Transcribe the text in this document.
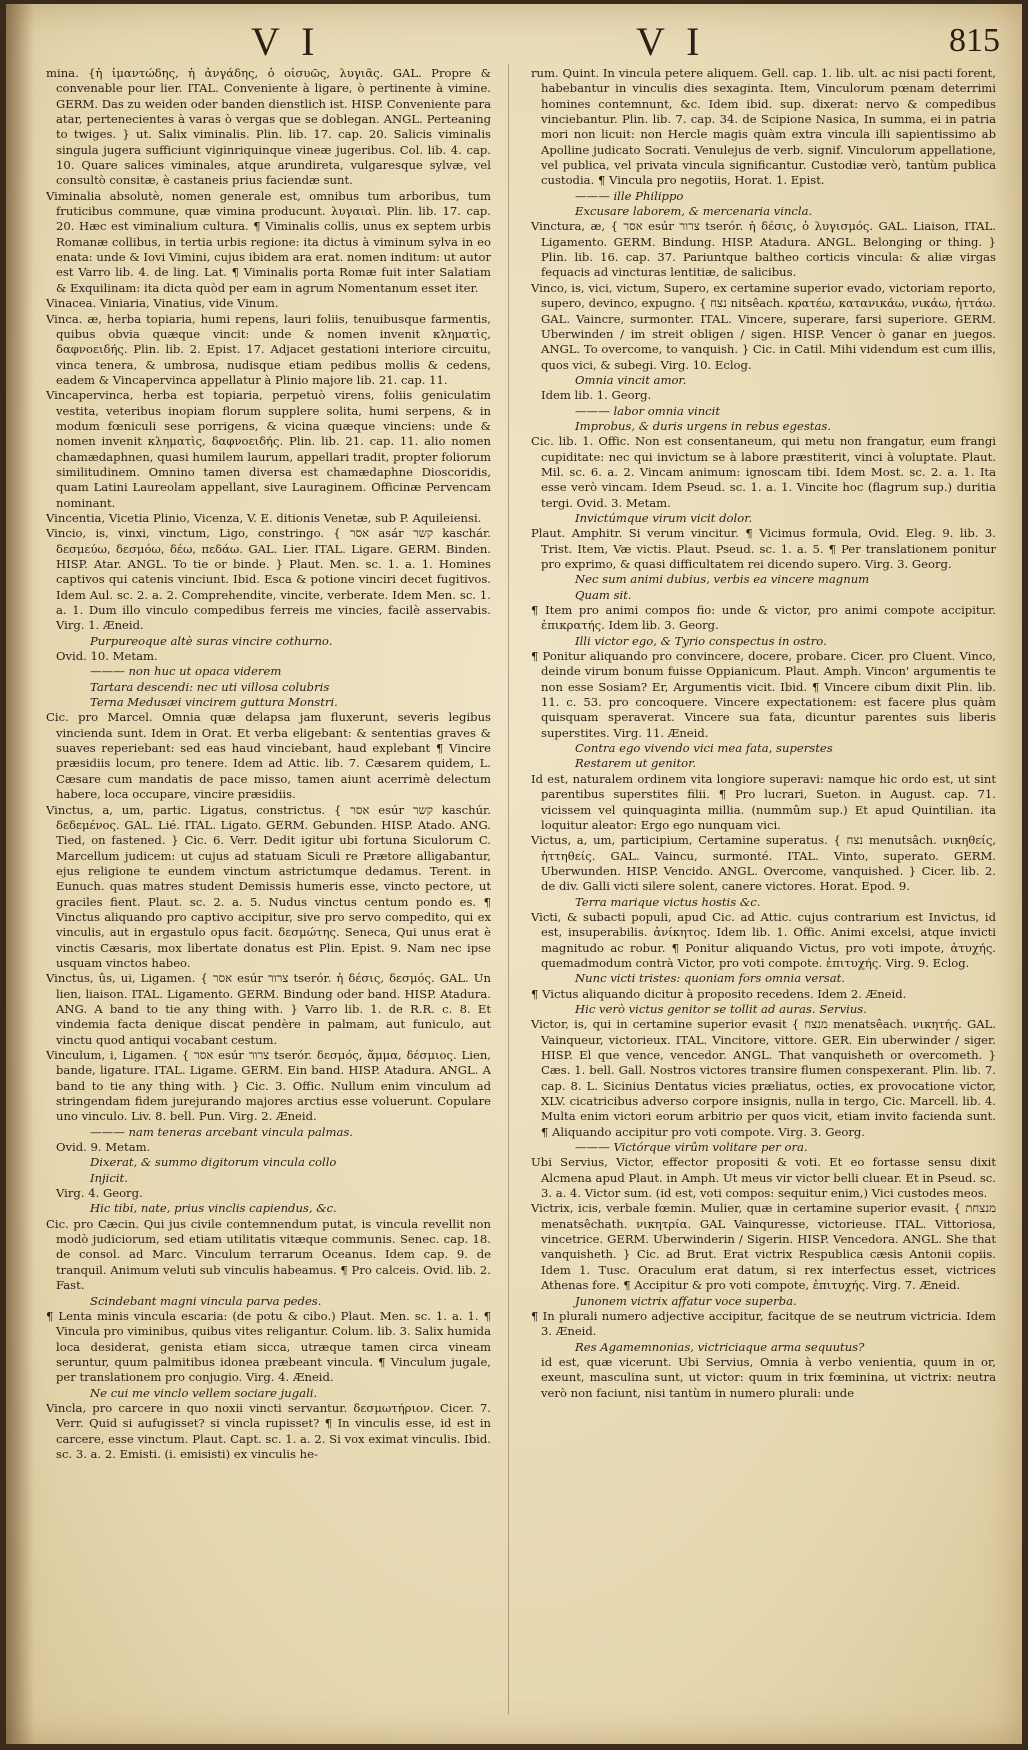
V I	V I	815

mina. {ἡ ἱμαντώδης, ἡ ἀνγάδης, ὁ οἰσυῶς, λυγιᾶς. GAL. Propre & convenable pour lier. ITAL. Conveniente à ligare, ò pertinente à vimine. GERM. Das zu weiden oder banden dienstlich ist. HISP. Conveniente para atar, pertenecientes à varas ò vergas que se doblegan. ANGL. Perteaning to twiges. } ut. Salix viminalis. Plin. lib. 17. cap. 20. Salicis viminalis singula jugera sufficiunt viginriquinque vineæ jugeribus. Col. lib. 4. cap. 10. Quare salices viminales, atque arundireta, vulgaresque sylvæ, vel consultò consitæ, è castaneis prius faciendæ sunt.

Viminalia absolutè, nomen generale est, omnibus tum arboribus, tum fruticibus commune, quæ vimina producunt. λυγαιαὶ. Plin. lib. 17. cap. 20. Hæc est viminalium cultura. ¶ Viminalis collis, unus ex septem urbis Romanæ collibus, in tertia urbis regione: ita dictus à viminum sylva in eo enata: unde & Iovi Vimini, cujus ibidem ara erat. nomen inditum: ut autor est Varro lib. 4. de ling. Lat. ¶ Viminalis porta Romæ fuit inter Salatiam & Exquilinam: ita dicta quòd per eam in agrum Nomentanum esset iter.

Vinacea. Viniaria, Vinatius, vide Vinum.

Vinca. æ, herba topiaria, humi repens, lauri foliis, tenuibusque farmentis, quibus obvia quæque vincit: unde & nomen invenit κληματὶς, δαφνοειδής. Plin. lib. 2. Epist. 17. Adjacet gestationi interiore circuitu, vinca tenera, & umbrosa, nudisque etiam pedibus mollis & cedens, eadem & Vincapervinca appellatur à Plinio majore lib. 21. cap. 11.

Vincapervinca, herba est topiaria, perpetuò virens, foliis geniculatim vestita, veteribus inopiam florum supplere solita, humi serpens, & in modum fœniculi sese porrigens, & vicina quæque vinciens: unde & nomen invenit κληματὶς, δαφνοειδής. Plin. lib. 21. cap. 11. alio nomen chamædaphnen, quasi humilem laurum, appellari tradit, propter foliorum similitudinem. Omnino tamen diversa est chamædaphne Dioscoridis, quam Latini Laureolam appellant, sive Lauraginem. Officinæ Pervencam nominant.

Vincentia, Vicetia Plinio, Vicenza, V. E. ditionis Venetæ, sub P. Aquileiensi.

Vincio, is, vinxi, vinctum, Ligo, constringo. { אסר asár קשר kaschár. δεσμεύω, δεσμόω, δέω, πεδάω. GAL. Lier. ITAL. Ligare. GERM. Binden. HISP. Atar. ANGL. To tie or binde. } Plaut. Men. sc. 1. a. 1. Homines captivos qui catenis vinciunt. Ibid. Esca & potione vinciri decet fugitivos. Idem Aul. sc. 2. a. 2. Comprehendite, vincite, verberate. Idem Men. sc. 1. a. 1. Dum illo vinculo compedibus ferreis me vincies, facilè asservabis. Virg. 1. Æneid.

Purpureoque altè suras vincire cothurno.

Ovid. 10. Metam.

——— non huc ut opaca viderem

Tartara descendi: nec uti villosa colubris

Terna Medusæi vincirem guttura Monstri.

Cic. pro Marcel. Omnia quæ delapsa jam fluxerunt, severis legibus vincienda sunt. Idem in Orat. Et verba eligebant: & sententias graves & suaves reperiebant: sed eas haud vinciebant, haud explebant ¶ Vincire præsidiis locum, pro tenere. Idem ad Attic. lib. 7. Cæsarem quidem, L. Cæsare cum mandatis de pace misso, tamen aiunt acerrimè delectum habere, loca occupare, vincire præsidiis.

Vinctus, a, um, partic. Ligatus, constrictus. { אסר esúr קשר kaschúr. δεδεμένος. GAL. Lié. ITAL. Ligato. GERM. Gebunden. HISP. Atado. ANG. Tied, on fastened. } Cic. 6. Verr. Dedit igitur ubi fortuna Siculorum C. Marcellum judicem: ut cujus ad statuam Siculi re Prætore alligabantur, ejus religione te eundem vinctum astrictumque dedamus. Terent. in Eunuch. quas matres student Demissis humeris esse, vincto pectore, ut graciles fient. Plaut. sc. 2. a. 5. Nudus vinctus centum pondo es. ¶ Vinctus aliquando pro captivo accipitur, sive pro servo compedito, qui ex vinculis, aut in ergastulo opus facit. δεσμώτης. Seneca, Qui unus erat è vinctis Cæsaris, mox libertate donatus est Plin. Epist. 9. Nam nec ipse usquam vinctos habeo.

Vinctus, ûs, ui, Ligamen. { אסר esúr צרור tserór. ἡ δέσις, δεσμός. GAL. Un lien, liaison. ITAL. Ligamento. GERM. Bindung oder band. HISP. Atadura. ANG. A band to tie any thing with. } Varro lib. 1. de R.R. c. 8. Et vindemia facta denique discat pendère in palmam, aut funiculo, aut vinctu quod antiqui vocabant cestum.

Vinculum, i, Ligamen. { אסר esúr צרור tserór. δεσμός, ἅμμα, δέσμιος. Lien, bande, ligature. ITAL. Ligame. GERM. Ein band. HISP. Atadura. ANGL. A band to tie any thing with. } Cic. 3. Offic. Nullum enim vinculum ad stringendam fidem jurejurando majores arctius esse voluerunt. Copulare uno vinculo. Liv. 8. bell. Pun. Virg. 2. Æneid.

——— nam teneras arcebant vincula palmas.

Ovid. 9. Metam.

Dixerat, & summo digitorum vincula collo

Injicit.

Virg. 4. Georg.

Hic tibi, nate, prius vinclis capiendus, &c.

Cic. pro Cæcin. Qui jus civile contemnendum putat, is vincula revellit non modò judiciorum, sed etiam utilitatis vitæque communis. Senec. cap. 18. de consol. ad Marc. Vinculum terrarum Oceanus. Idem cap. 9. de tranquil. Animum veluti sub vinculis habeamus. ¶ Pro calceis. Ovid. lib. 2. Fast.

Scindebant magni vincula parva pedes.

¶ Lenta minis vincula escaria: (de potu & cibo.) Plaut. Men. sc. 1. a. 1. ¶ Vincula pro viminibus, quibus vites religantur. Colum. lib. 3. Salix humida loca desiderat, genista etiam sicca, utræque tamen circa vineam seruntur, quum palmitibus idonea præbeant vincula. ¶ Vinculum jugale, per translationem pro conjugio. Virg. 4. Æneid.

Ne cui me vinclo vellem sociare jugali.

Vincla, pro carcere in quo noxii vincti servantur. δεσμωτήριον. Cicer. 7. Verr. Quid si aufugisset? si vincla rupisset? ¶ In vinculis esse, id est in carcere, esse vinctum. Plaut. Capt. sc. 1. a. 2. Si vox eximat vinculis. Ibid. sc. 3. a. 2. Emisti. (i. emisisti) ex vinculis he-

rum. Quint. In vincula petere aliquem. Gell. cap. 1. lib. ult. ac nisi pacti forent, habebantur in vinculis dies sexaginta. Item, Vinculorum pœnam deterrimi homines contemnunt, &c. Idem ibid. sup. dixerat: nervo & compedibus vinciebantur. Plin. lib. 7. cap. 34. de Scipione Nasica, In summa, ei in patria mori non licuit: non Hercle magis quàm extra vincula illi sapientissimo ab Apolline judicato Socrati. Venulejus de verb. signif. Vinculorum appellatione, vel publica, vel privata vincula significantur. Custodiæ verò, tantùm publica custodia. ¶ Vincula pro negotiis, Horat. 1. Epist.

——— ille Philippo

Excusare laborem, & mercenaria vincla.

Vinctura, æ, { אסר esúr צרור tserór. ἡ δέσις, ὁ λυγισμός. GAL. Liaison, ITAL. Ligamento. GERM. Bindung. HISP. Atadura. ANGL. Belonging or thing. } Plin. lib. 16. cap. 37. Pariuntque baltheo corticis vincula: & aliæ virgas fequacis ad vincturas lentitiæ, de salicibus.

Vinco, is, vici, victum, Supero, ex certamine superior evado, victoriam reporto, supero, devinco, expugno. { נצח nitsêach. κρατέω, κατανικάω, νικάω, ἡττάω. GAL. Vaincre, surmonter. ITAL. Vincere, superare, farsi superiore. GERM. Uberwinden / im streit obligen / sigen. HISP. Vencer ò ganar en juegos. ANGL. To overcome, to vanquish. } Cic. in Catil. Mihi videndum est cum illis, quos vici, & subegi. Virg. 10. Eclog.

Omnia vincit amor.

Idem lib. 1. Georg.

——— labor omnia vincit

Improbus, & duris urgens in rebus egestas.

Cic. lib. 1. Offic. Non est consentaneum, qui metu non frangatur, eum frangi cupiditate: nec qui invictum se à labore præstiterit, vinci à voluptate. Plaut. Mil. sc. 6. a. 2. Vincam animum: ignoscam tibi. Idem Most. sc. 2. a. 1. Ita esse verò vincam. Idem Pseud. sc. 1. a. 1. Vincite hoc (flagrum sup.) duritia tergi. Ovid. 3. Metam.

Invictúmque virum vicit dolor.

Plaut. Amphitr. Si verum vincitur. ¶ Vicimus formula, Ovid. Eleg. 9. lib. 3. Trist. Item, Væ victis. Plaut. Pseud. sc. 1. a. 5. ¶ Per translationem ponitur pro exprimo, & quasi difficultatem rei dicendo supero. Virg. 3. Georg.

Nec sum animi dubius, verbis ea vincere magnum

Quam sit.

¶ Item pro animi compos fio: unde & victor, pro animi compote accipitur. ἐπικρατής. Idem lib. 3. Georg.

Illi victor ego, & Tyrio conspectus in ostro.

¶ Ponitur aliquando pro convincere, docere, probare. Cicer. pro Cluent. Vinco, deinde virum bonum fuisse Oppianicum. Plaut. Amph. Vincon' argumentis te non esse Sosiam? Er, Argumentis vicit. Ibid. ¶ Vincere cibum dixit Plin. lib. 11. c. 53. pro concoquere. Vincere expectationem: est facere plus quàm quisquam speraverat. Vincere sua fata, dicuntur parentes suis liberis superstites. Virg. 11. Æneid.

Contra ego vivendo vici mea fata, superstes

Restarem ut genitor.

Id est, naturalem ordinem vita longiore superavi: namque hic ordo est, ut sint parentibus superstites filii. ¶ Pro lucrari, Sueton. in August. cap. 71. vicissem vel quinquaginta millia. (nummûm sup.) Et apud Quintilian. ita loquitur aleator: Ergo ego nunquam vici.

Victus, a, um, participium, Certamine superatus. { נצח menutsâch. νικηθείς, ἡττηθείς. GAL. Vaincu, surmonté. ITAL. Vinto, superato. GERM. Uberwunden. HISP. Vencido. ANGL. Overcome, vanquished. } Cicer. lib. 2. de div. Galli victi silere solent, canere victores. Horat. Epod. 9.

Terra marique victus hostis &c.

Victi, & subacti populi, apud Cic. ad Attic. cujus contrarium est Invictus, id est, insuperabilis. ἀνίκητος. Idem lib. 1. Offic. Animi excelsi, atque invicti magnitudo ac robur. ¶ Ponitur aliquando Victus, pro voti impote, ἀτυχής. quemadmodum contrà Victor, pro voti compote. ἐπιτυχής. Virg. 9. Eclog.

Nunc victi tristes: quoniam fors omnia versat.

¶ Victus aliquando dicitur à proposito recedens. Idem 2. Æneid.

Hic verò victus genitor se tollit ad auras. Servius.

Victor, is, qui in certamine superior evasit { מנצח menatsêach. νικητής. GAL. Vainqueur, victorieux. ITAL. Vincitore, vittore. GER. Ein uberwinder / siger. HISP. El que vence, vencedor. ANGL. That vanquisheth or overcometh. } Cæs. 1. bell. Gall. Nostros victores transire flumen conspexerant. Plin. lib. 7. cap. 8. L. Sicinius Dentatus vicies præliatus, octies, ex provocatione victor, XLV. cicatricibus adverso corpore insignis, nulla in tergo, Cic. Marcell. lib. 4. Multa enim victori eorum arbitrio per quos vicit, etiam invito facienda sunt. ¶ Aliquando accipitur pro voti compote. Virg. 3. Georg.

——— Victórque virûm volitare per ora.

Ubi Servius, Victor, effector propositi & voti. Et eo fortasse sensu dixit Alcmena apud Plaut. in Amph. Ut meus vir victor belli cluear. Et in Pseud. sc. 3. a. 4. Victor sum. (id est, voti compos: sequitur enim,) Vici custodes meos.

Victrix, icis, verbale fœmin. Mulier, quæ in certamine superior evasit. { מנצחת menatsêchath. νικητρία. GAL Vainquresse, victorieuse. ITAL. Vittoriosa, vincetrice. GERM. Uberwinderin / Sigerin. HISP. Vencedora. ANGL. She that vanquisheth. } Cic. ad Brut. Erat victrix Respublica cæsis Antonii copiis. Idem 1. Tusc. Oraculum erat datum, si rex interfectus esset, victrices Athenas fore. ¶ Accipitur & pro voti compote, ἐπιτυχής. Virg. 7. Æneid.

Junonem victrix affatur voce superba.

¶ In plurali numero adjective accipitur, facitque de se neutrum victricia. Idem 3. Æneid.

Res Agamemnonias, victriciaque arma sequutus?

id est, quæ vicerunt. Ubi Servius, Omnia à verbo venientia, quum in or, exeunt, masculina sunt, ut victor: quum in trix fœminina, ut victrix: neutra verò non faciunt, nisi tantùm in numero plurali: unde
